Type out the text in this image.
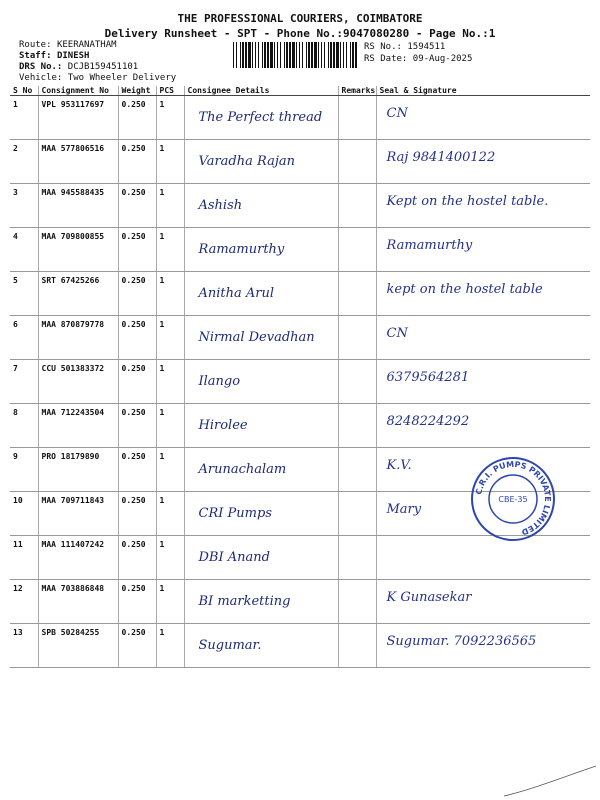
THE PROFESSIONAL COURIERS, COIMBATORE
Delivery Runsheet - SPT - Phone No.:9047080280 - Page No.:1
Route: KEERANATHAM
Staff: DINESH
DRS No.: DCJB159451101
Vehicle: Two Wheeler Delivery
RS No.: 1594511
RS Date: 09-Aug-2025
S No	Consignment No	Weight	PCS	Consignee Details	Remarks	Seal & Signature
1	VPL 953117697	0.250	1	The Perfect thread		CN

2	MAA 577806516	0.250	1	Varadha Rajan		Raj 9841400122

3	MAA 945588435	0.250	1	Ashish		Kept on the hostel table.

4	MAA 709800855	0.250	1	Ramamurthy		Ramamurthy

5	SRT 67425266	0.250	1	Anitha Arul		kept on the hostel table

6	MAA 870879778	0.250	1	Nirmal Devadhan		CN

7	CCU 501383372	0.250	1	Ilango		6379564281

8	MAA 712243504	0.250	1	Hirolee		8248224292

9	PRO 18179890	0.250	1	Arunachalam		K.V.

10	MAA 709711843	0.250	1	CRI Pumps		Mary

11	MAA 111407242	0.250	1	DBI Anand		

12	MAA 703886848	0.250	1	BI marketting		K Gunasekar

13	SPB 50284255	0.250	1	Sugumar.		Sugumar. 7092236565
C.R.I. PUMPS PRIVATE LIMITED
CBE-35
